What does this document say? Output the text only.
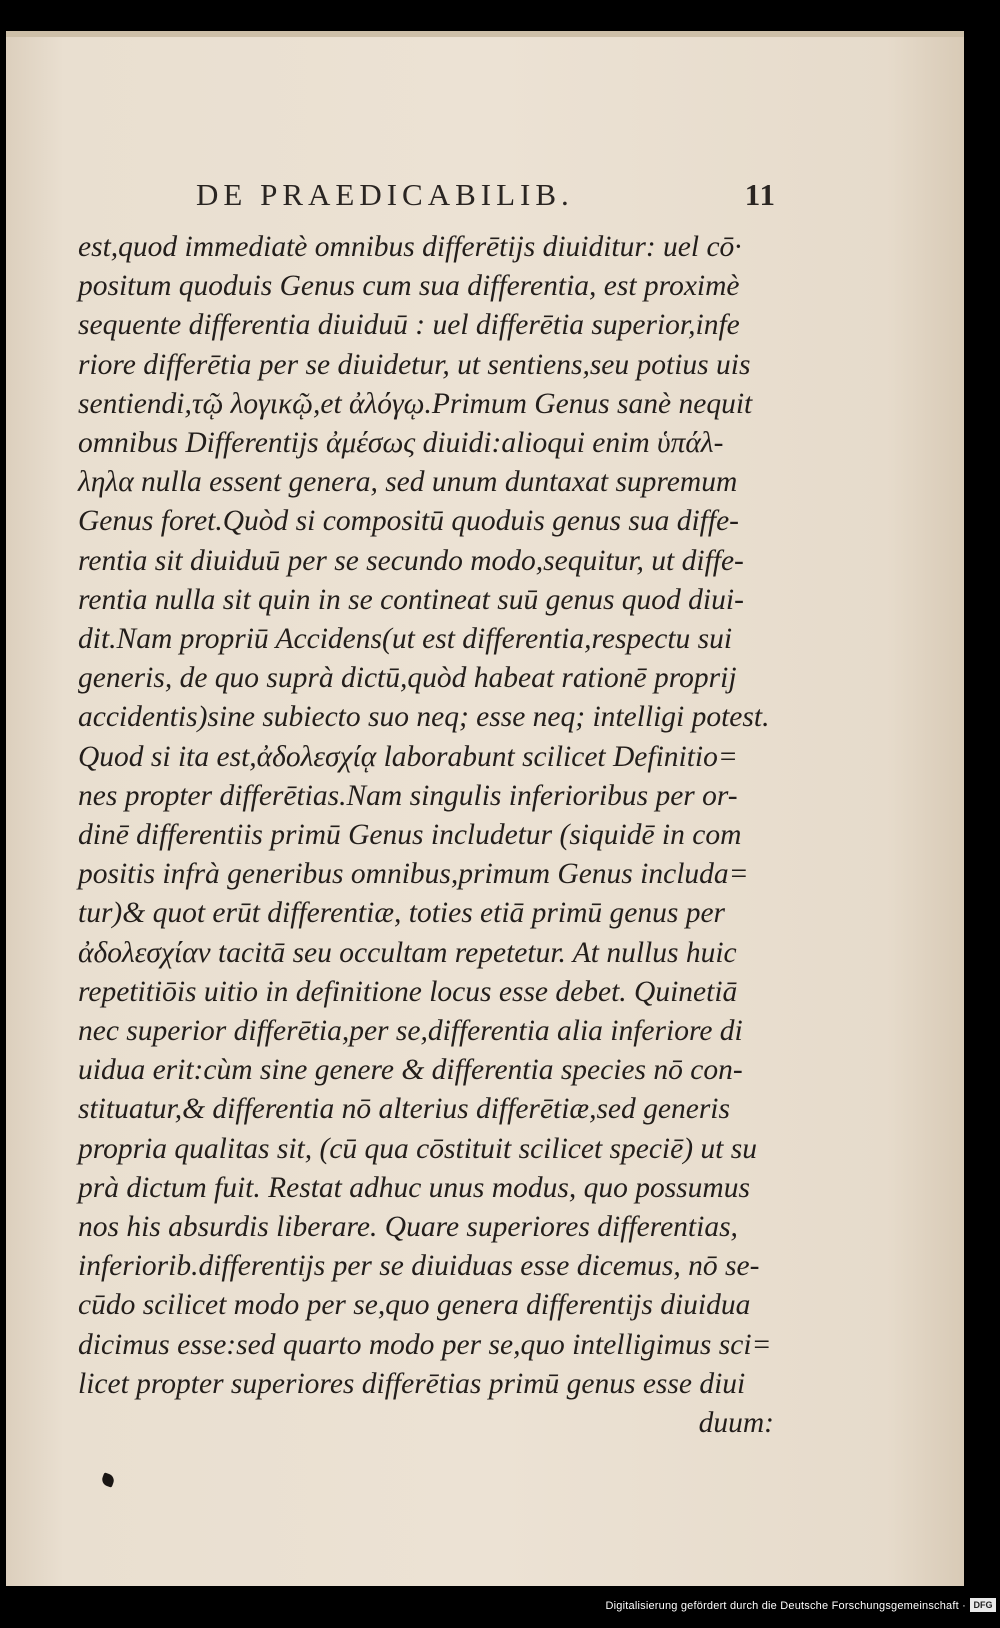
DE PRAEDICABILIB.	11
est,quod immediatè omnibus differētijs diuiditur: uel cō·
positum quoduis Genus cum sua differentia, est proximè
sequente differentia diuiduū : uel differētia superior,infe
riore differētia per se diuidetur, ut sentiens,seu potius uis
sentiendi,τῷ λογικῷ,et ἀλόγῳ.Primum Genus sanè nequit
omnibus Differentijs ἀμέσως diuidi:alioqui enim ὑπάλ-
ληλα nulla essent genera, sed unum duntaxat supremum
Genus foret.Quòd si compositū quoduis genus sua diffe-
rentia sit diuiduū per se secundo modo,sequitur, ut diffe-
rentia nulla sit quin in se contineat suū genus quod diui-
dit.Nam propriū Accidens(ut est differentia,respectu sui
generis, de quo suprà dictū,quòd habeat rationē proprij
accidentis)sine subiecto suo neq; esse neq; intelligi potest.
Quod si ita est,ἀδολεσχίᾳ laborabunt scilicet Definitio=
nes propter differētias.Nam singulis inferioribus per or-
dinē differentiis primū Genus includetur (siquidē in com
positis infrà generibus omnibus,primum Genus includa=
tur)& quot erūt differentiæ, toties etiā primū genus per
ἀδολεσχίαν tacitā seu occultam repetetur. At nullus huic
repetitiōis uitio in definitione locus esse debet. Quinetiā
nec superior differētia,per se,differentia alia inferiore di
uidua erit:cùm sine genere & differentia species nō con-
stituatur,& differentia nō alterius differētiæ,sed generis
propria qualitas sit, (cū qua cōstituit scilicet speciē) ut su
prà dictum fuit. Restat adhuc unus modus, quo possumus
nos his absurdis liberare. Quare superiores differentias,
inferiorib.differentijs per se diuiduas esse dicemus, nō se-
cūdo scilicet modo per se,quo genera differentijs diuidua
dicimus esse:sed quarto modo per se,quo intelligimus sci=
licet propter superiores differētias primū genus esse diui
duum:
Digitalisierung gefördert durch die Deutsche Forschungsgemeinschaft · DFG
